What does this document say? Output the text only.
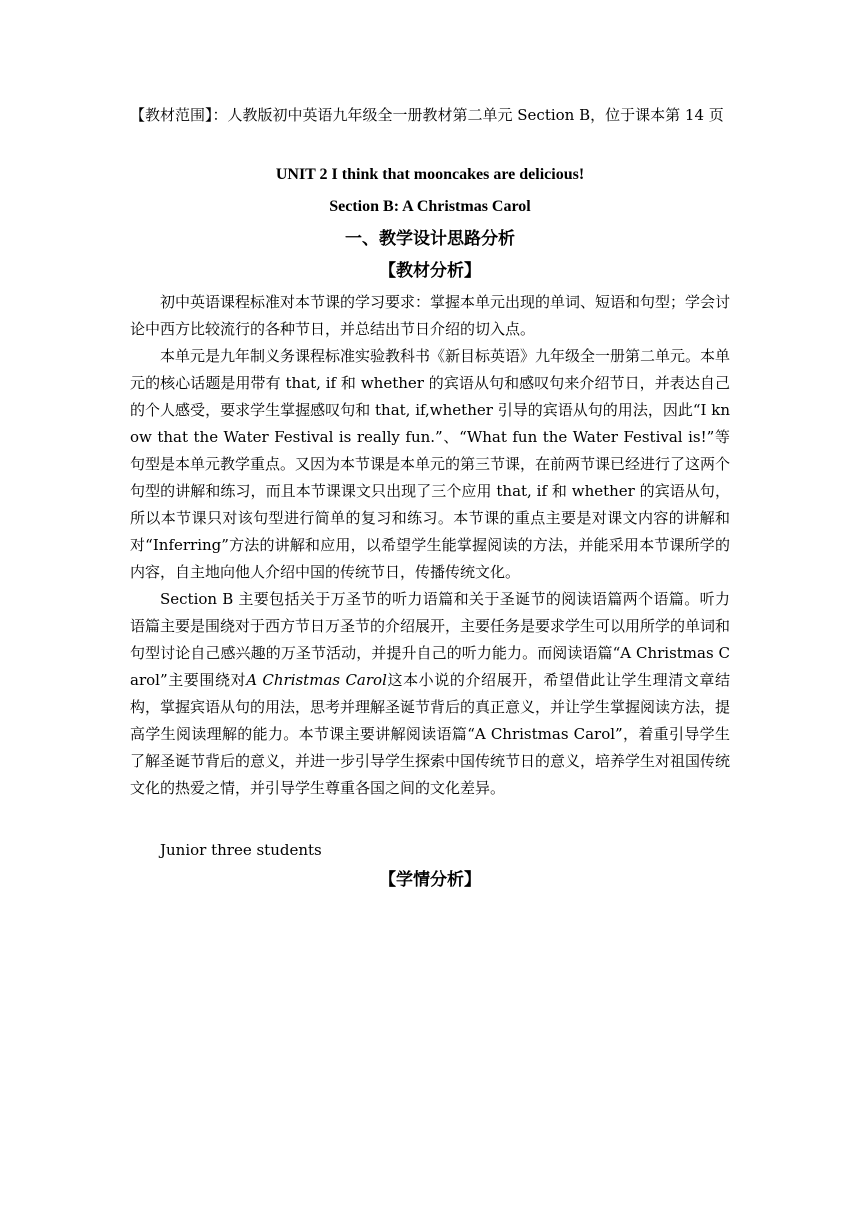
【教材范围】：人教版初中英语九年级全一册教材第二单元 Section B，位于课本第 14 页

UNIT 2 I think that mooncakes are delicious!

Section B: A Christmas Carol

一、教学设计思路分析

【教材分析】

初中英语课程标准对本节课的学习要求：掌握本单元出现的单词、短语和句型；学会讨论中西方比较流行的各种节日，并总结出节日介绍的切入点。

本单元是九年制义务课程标准实验教科书《新目标英语》九年级全一册第二单元。本单元的核心话题是用带有 that, if 和 whether 的宾语从句和感叹句来介绍节日，并表达自己的个人感受，要求学生掌握感叹句和 that, if,whether 引导的宾语从句的用法，因此“I know that the Water Festival is really fun.”、“What fun the Water Festival is!”等句型是本单元教学重点。又因为本节课是本单元的第三节课，在前两节课已经进行了这两个句型的讲解和练习，而且本节课课文只出现了三个应用 that, if 和 whether 的宾语从句，所以本节课只对该句型进行简单的复习和练习。本节课的重点主要是对课文内容的讲解和对“Inferring”方法的讲解和应用，以希望学生能掌握阅读的方法，并能采用本节课所学的内容，自主地向他人介绍中国的传统节日，传播传统文化。

Section B 主要包括关于万圣节的听力语篇和关于圣诞节的阅读语篇两个语篇。听力语篇主要是围绕对于西方节日万圣节的介绍展开，主要任务是要求学生可以用所学的单词和句型讨论自己感兴趣的万圣节活动，并提升自己的听力能力。而阅读语篇“A Christmas Carol”主要围绕对A Christmas Carol这本小说的介绍展开，希望借此让学生理清文章结构，掌握宾语从句的用法，思考并理解圣诞节背后的真正意义，并让学生掌握阅读方法，提高学生阅读理解的能力。本节课主要讲解阅读语篇“A Christmas Carol”，着重引导学生了解圣诞节背后的意义，并进一步引导学生探索中国传统节日的意义，培养学生对祖国传统文化的热爱之情，并引导学生尊重各国之间的文化差异。

Junior three students

【学情分析】
